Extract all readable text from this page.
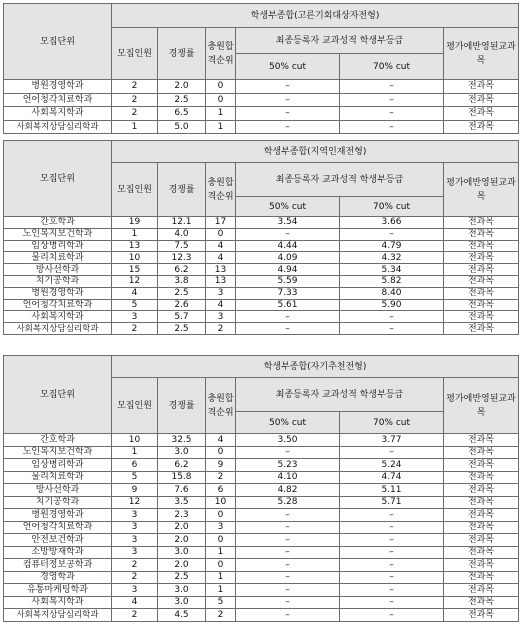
모집단위	학생부종합(고른기회대상자전형)					
	모집인원	경쟁률	충원합격순위	최종등록자 교과성적 학생부등급		평가에반영된교과목
				50% cut	70% cut	
병원경영학과	2	2.0	0	–	–	전과목
언어청각치료학과	2	2.5	0	–	–	전과목
사회복지학과	2	6.5	1	–	–	전과목
사회복지상담심리학과	1	5.0	1	–	–	전과목
모집단위	학생부종합(지역인재전형)					
	모집인원	경쟁률	충원합격순위	최종등록자 교과성적 학생부등급		평가에반영된교과목
				50% cut	70% cut	
간호학과	19	12.1	17	3.54	3.66	전과목
노인복지보건학과	1	4.0	0	–	–	전과목
임상병리학과	13	7.5	4	4.44	4.79	전과목
물리치료학과	10	12.3	4	4.09	4.32	전과목
방사선학과	15	6.2	13	4.94	5.34	전과목
치기공학과	12	3.8	13	5.59	5.82	전과목
병원경영학과	4	2.5	3	7.33	8.40	전과목
언어청각치료학과	5	2.6	4	5.61	5.90	전과목
사회복지학과	3	5.7	3	–	–	전과목
사회복지상담심리학과	2	2.5	2	–	–	전과목
모집단위	학생부종합(자기추천전형)					
	모집인원	경쟁률	충원합격순위	최종등록자 교과성적 학생부등급		평가에반영된교과목
				50% cut	70% cut	
간호학과	10	32.5	4	3.50	3.77	전과목
노인복지보건학과	1	3.0	0	–	–	전과목
임상병리학과	6	6.2	9	5.23	5.24	전과목
물리치료학과	5	15.8	2	4.10	4.74	전과목
방사선학과	9	7.6	6	4.82	5.11	전과목
치기공학과	12	3.5	10	5.28	5.71	전과목
병원경영학과	3	2.3	0	–	–	전과목
언어청각치료학과	3	2.0	3	–	–	전과목
안전보건학과	3	2.0	0	–	–	전과목
소방방재학과	3	3.0	1	–	–	전과목
컴퓨터정보공학과	2	2.0	0	–	–	전과목
경영학과	2	2.5	1	–	–	전과목
유통마케팅학과	3	3.0	1	–	–	전과목
사회복지학과	4	3.0	5	–	–	전과목
사회복지상담심리학과	2	4.5	2	–	–	전과목
